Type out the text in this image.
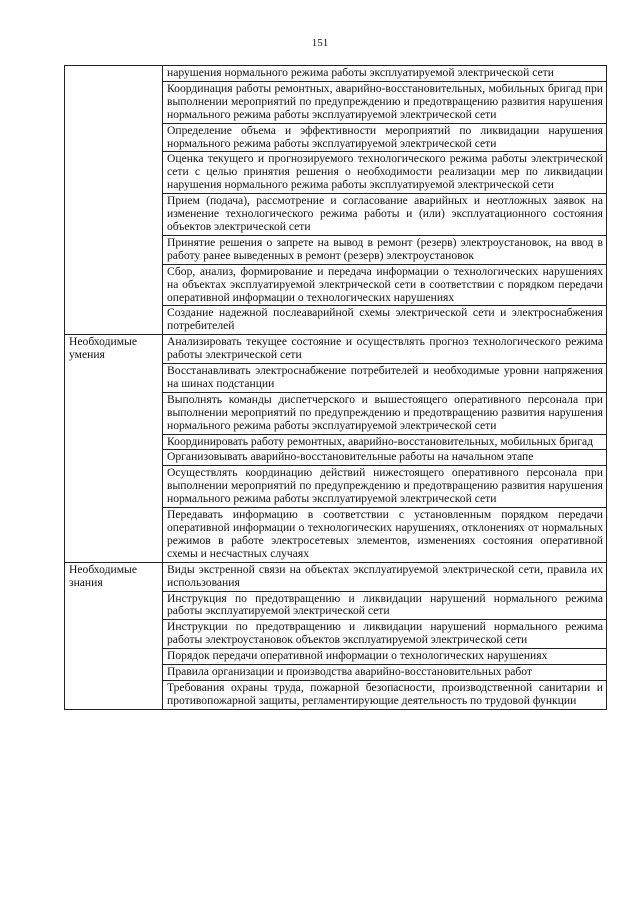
151
	нарушения нормального режима работы эксплуатируемой электрической сети
	Координация работы ремонтных, аварийно-восстановительных, мобильных бригад при выполнении мероприятий по предупреждению и предотвращению развития нарушения нормального режима работы эксплуатируемой электрической сети
	Определение объема и эффективности мероприятий по ликвидации нарушения нормального режима работы эксплуатируемой электрической сети
	Оценка текущего и прогнозируемого технологического режима работы электрической сети с целью принятия решения о необходимости реализации мер по ликвидации нарушения нормального режима работы эксплуатируемой электрической сети
	Прием (подача), рассмотрение и согласование аварийных и неотложных заявок на изменение технологического режима работы и (или) эксплуатационного состояния объектов электрической сети
	Принятие решения о запрете на вывод в ремонт (резерв) электроустановок, на ввод в работу ранее выведенных в ремонт (резерв) электроустановок
	Сбор, анализ, формирование и передача информации о технологических нарушениях на объектах эксплуатируемой электрической сети в соответствии с порядком передачи оперативной информации о технологических нарушениях
	Создание надежной послеаварийной схемы электрической сети и электроснабжения потребителей
Необходимые умения	Анализировать текущее состояние и осуществлять прогноз технологического режима работы электрической сети
	Восстанавливать электроснабжение потребителей и необходимые уровни напряжения на шинах подстанции
	Выполнять команды диспетчерского и вышестоящего оперативного персонала при выполнении мероприятий по предупреждению и предотвращению развития нарушения нормального режима работы эксплуатируемой электрической сети
	Координировать работу ремонтных, аварийно-восстановительных, мобильных бригад
	Организовывать аварийно-восстановительные работы на начальном этапе
	Осуществлять координацию действий нижестоящего оперативного персонала при выполнении мероприятий по предупреждению и предотвращению развития нарушения нормального режима работы эксплуатируемой электрической сети
	Передавать информацию в соответствии с установленным порядком передачи оперативной информации о технологических нарушениях, отклонениях от нормальных режимов в работе электросетевых элементов, изменениях состояния оперативной схемы и несчастных случаях
Необходимые знания	Виды экстренной связи на объектах эксплуатируемой электрической сети, правила их использования
	Инструкция по предотвращению и ликвидации нарушений нормального режима работы эксплуатируемой электрической сети
	Инструкции по предотвращению и ликвидации нарушений нормального режима работы электроустановок объектов эксплуатируемой электрической сети
	Порядок передачи оперативной информации о технологических нарушениях
	Правила организации и производства аварийно-восстановительных работ
	Требования охраны труда, пожарной безопасности, производственной санитарии и противопожарной защиты, регламентирующие деятельность по трудовой функции
